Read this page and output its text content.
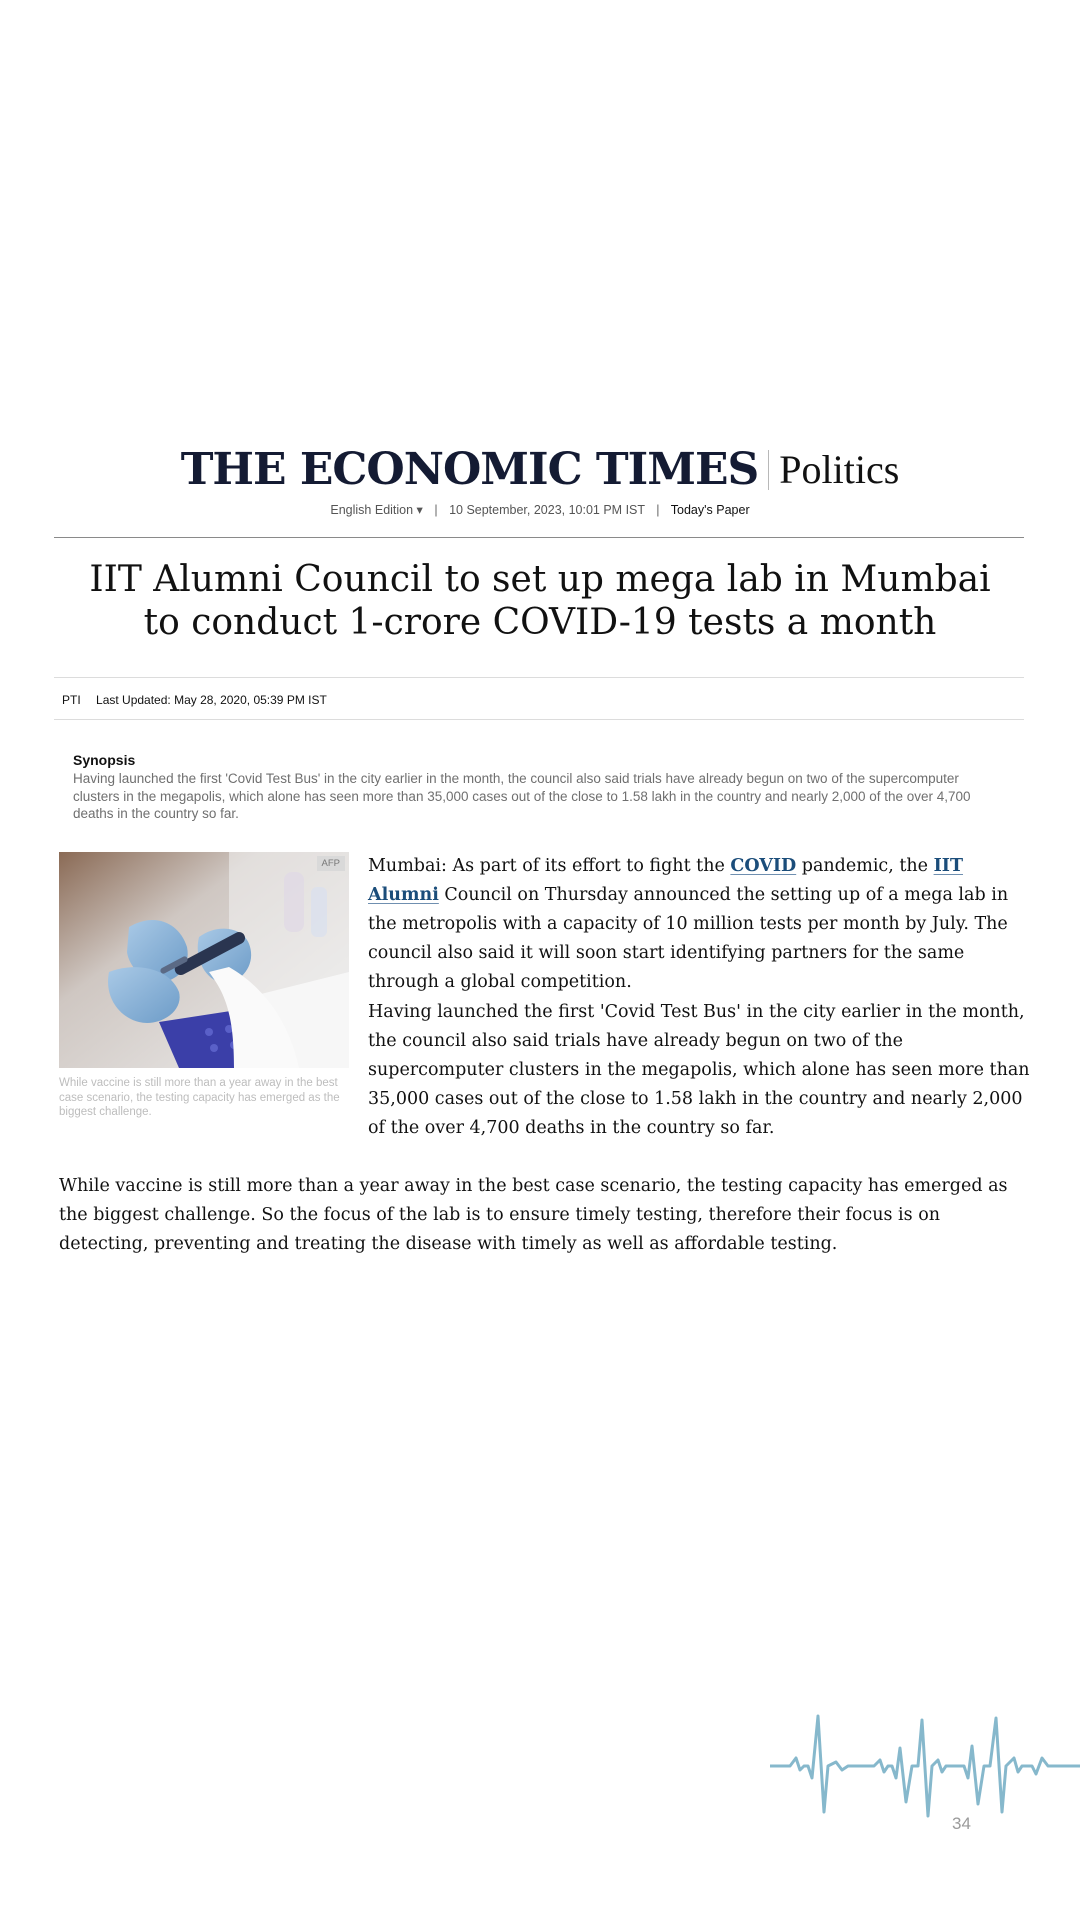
THE ECONOMIC TIMES Politics
English Edition ▾ | 10 September, 2023, 10:01 PM IST | Today's Paper
IIT Alumni Council to set up mega lab in Mumbai
to conduct 1-crore COVID-19 tests a month
PTI Last Updated: May 28, 2020, 05:39 PM IST
Synopsis
Having launched the first 'Covid Test Bus' in the city earlier in the month, the council also said trials have already begun on two of the supercomputer clusters in the megapolis, which alone has seen more than 35,000 cases out of the close to 1.58 lakh in the country and nearly 2,000 of the over 4,700 deaths in the country so far.
AFP
While vaccine is still more than a year away in the best case scenario, the testing capacity has emerged as the biggest challenge.

Mumbai: As part of its effort to fight the COVID pandemic, the IIT Alumni Council on Thursday announced the setting up of a mega lab in the metropolis with a capacity of 10 million tests per month by July. The council also said it will soon start identifying partners for the same through a global competition.

Having launched the first 'Covid Test Bus' in the city earlier in the month, the council also said trials have already begun on two of the supercomputer clusters in the megapolis, which alone has seen more than 35,000 cases out of the close to 1.58 lakh in the country and nearly 2,000 of the over 4,700 deaths in the country so far.

While vaccine is still more than a year away in the best case scenario, the testing capacity has emerged as the biggest challenge. So the focus of the lab is to ensure timely testing, therefore their focus is on detecting, preventing and treating the disease with timely as well as affordable testing.

34
